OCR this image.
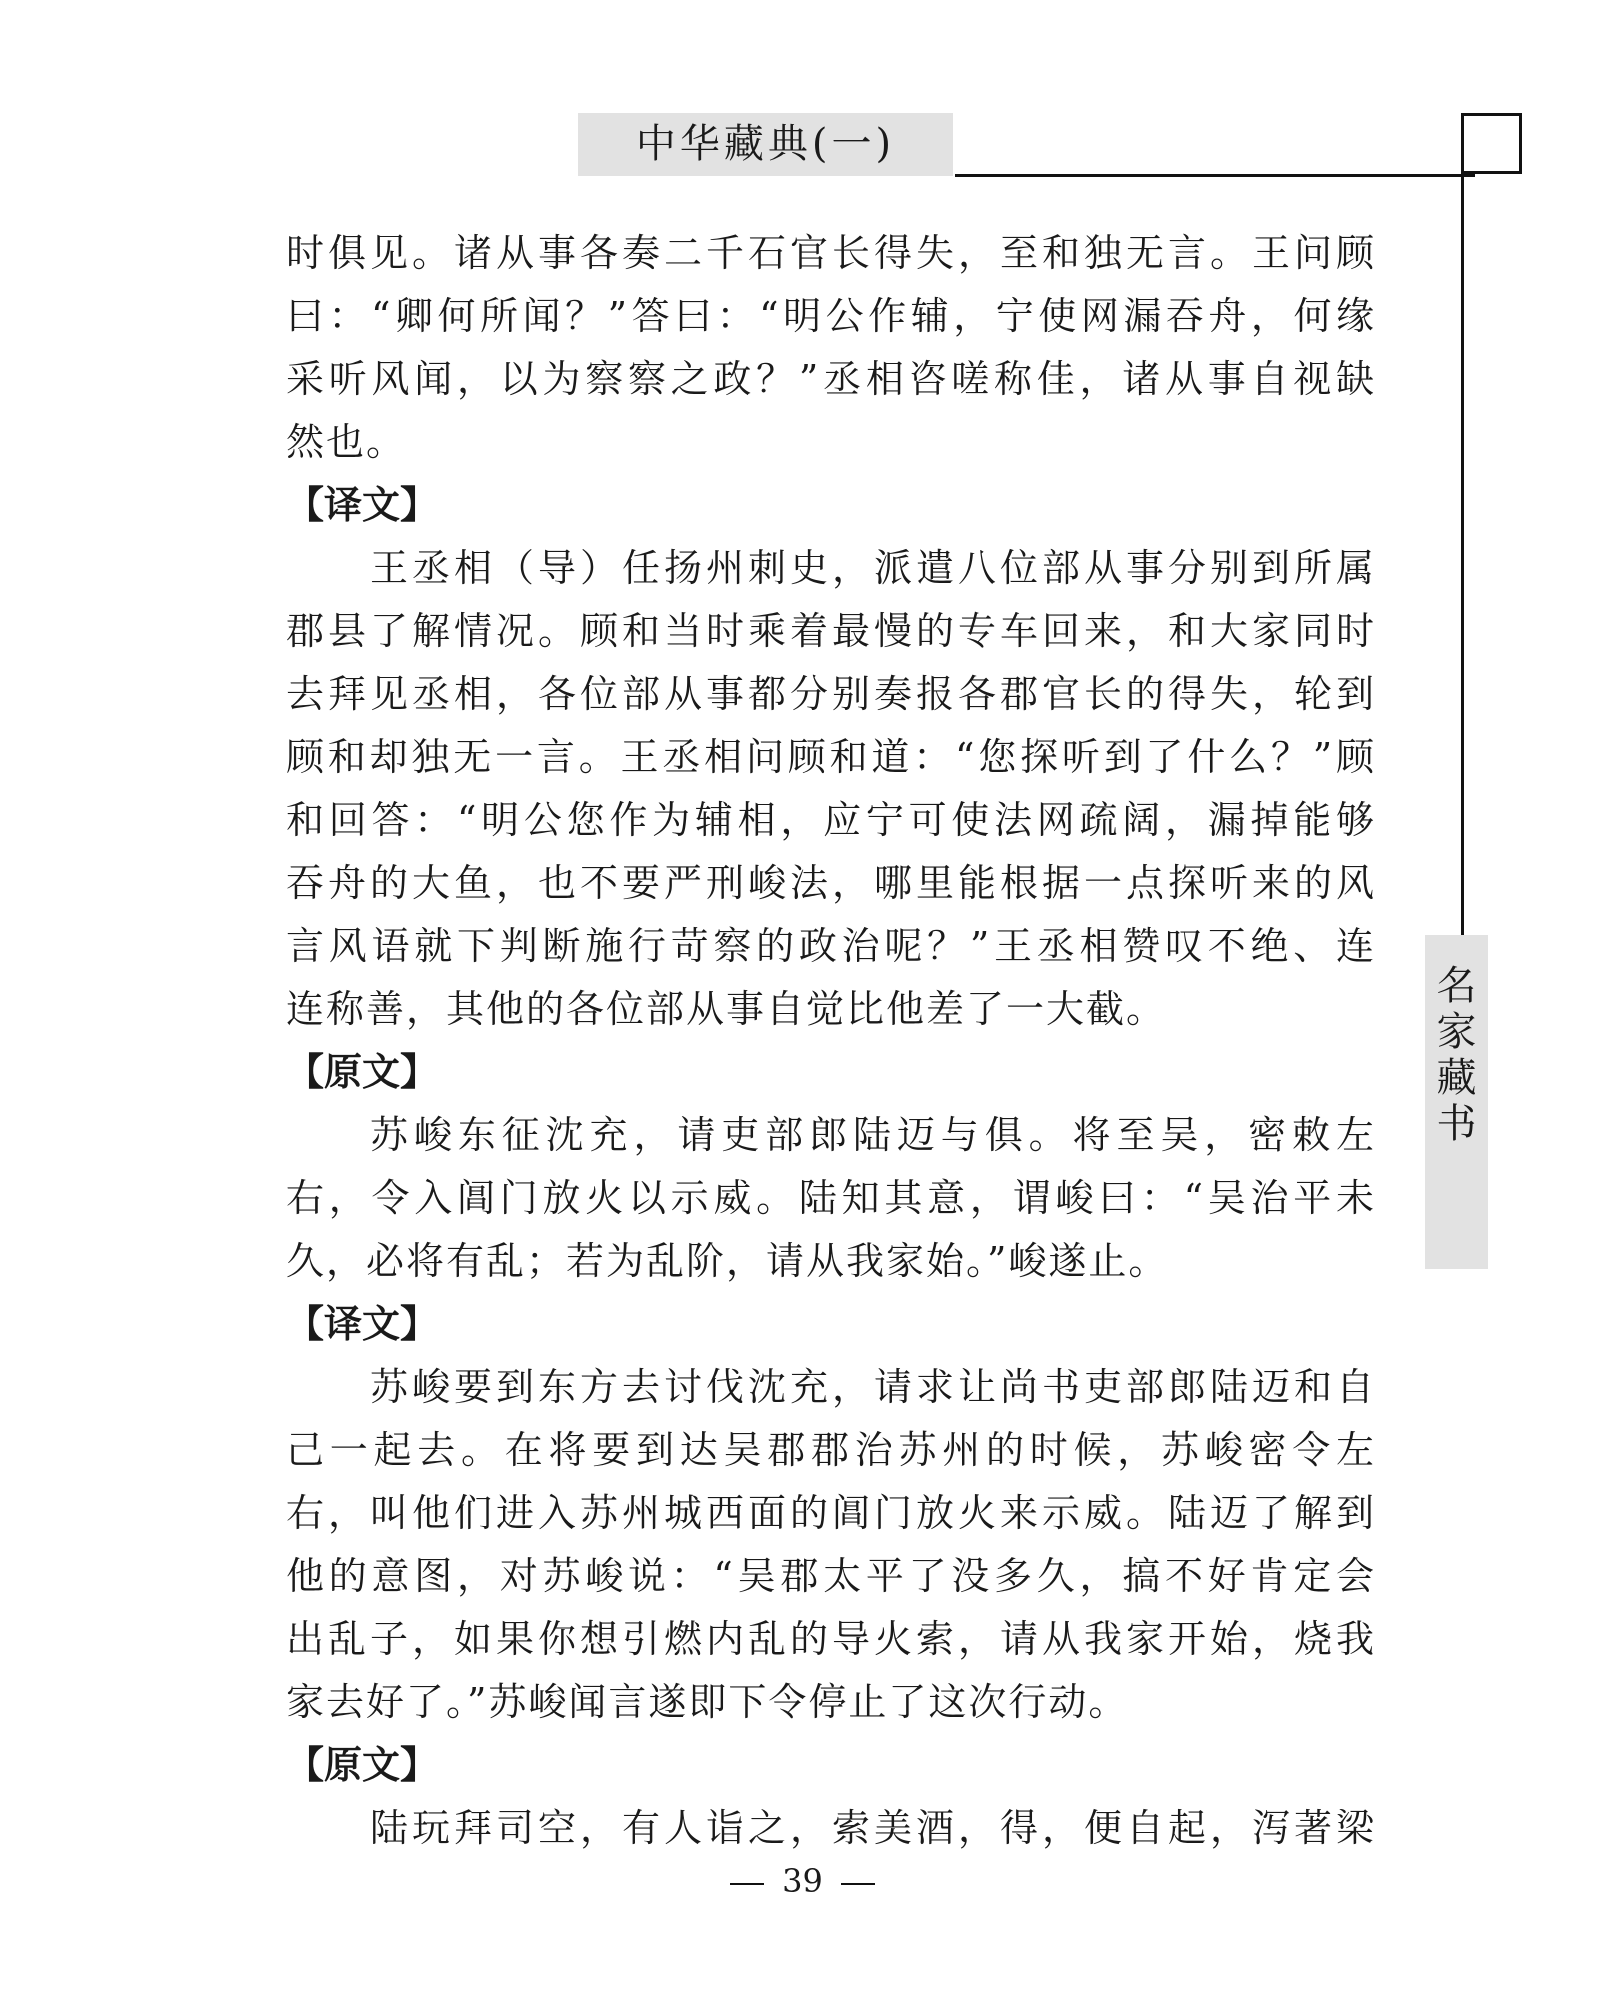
中华藏典(一)
名
家
藏
书
时俱见。诸从事各奏二千石官长得失，至和独无言。王问顾
曰：“卿何所闻？”答曰：“明公作辅，宁使网漏吞舟，何缘
采听风闻，以为察察之政？”丞相咨嗟称佳，诸从事自视缺
然也。
【译文】
王丞相（导）任扬州刺史，派遣八位部从事分别到所属
郡县了解情况。顾和当时乘着最慢的专车回来，和大家同时
去拜见丞相，各位部从事都分别奏报各郡官长的得失，轮到
顾和却独无一言。王丞相问顾和道：“您探听到了什么？”顾
和回答：“明公您作为辅相，应宁可使法网疏阔，漏掉能够
吞舟的大鱼，也不要严刑峻法，哪里能根据一点探听来的风
言风语就下判断施行苛察的政治呢？”王丞相赞叹不绝、连
连称善，其他的各位部从事自觉比他差了一大截。
【原文】
苏峻东征沈充，请吏部郎陆迈与俱。将至吴，密敕左
右，令入阊门放火以示威。陆知其意，谓峻曰：“吴治平未
久，必将有乱；若为乱阶，请从我家始。”峻遂止。
【译文】
苏峻要到东方去讨伐沈充，请求让尚书吏部郎陆迈和自
己一起去。在将要到达吴郡郡治苏州的时候，苏峻密令左
右，叫他们进入苏州城西面的阊门放火来示威。陆迈了解到
他的意图，对苏峻说：“吴郡太平了没多久，搞不好肯定会
出乱子，如果你想引燃内乱的导火索，请从我家开始，烧我
家去好了。”苏峻闻言遂即下令停止了这次行动。
【原文】
陆玩拜司空，有人诣之，索美酒，得，便自起，泻著梁
39
